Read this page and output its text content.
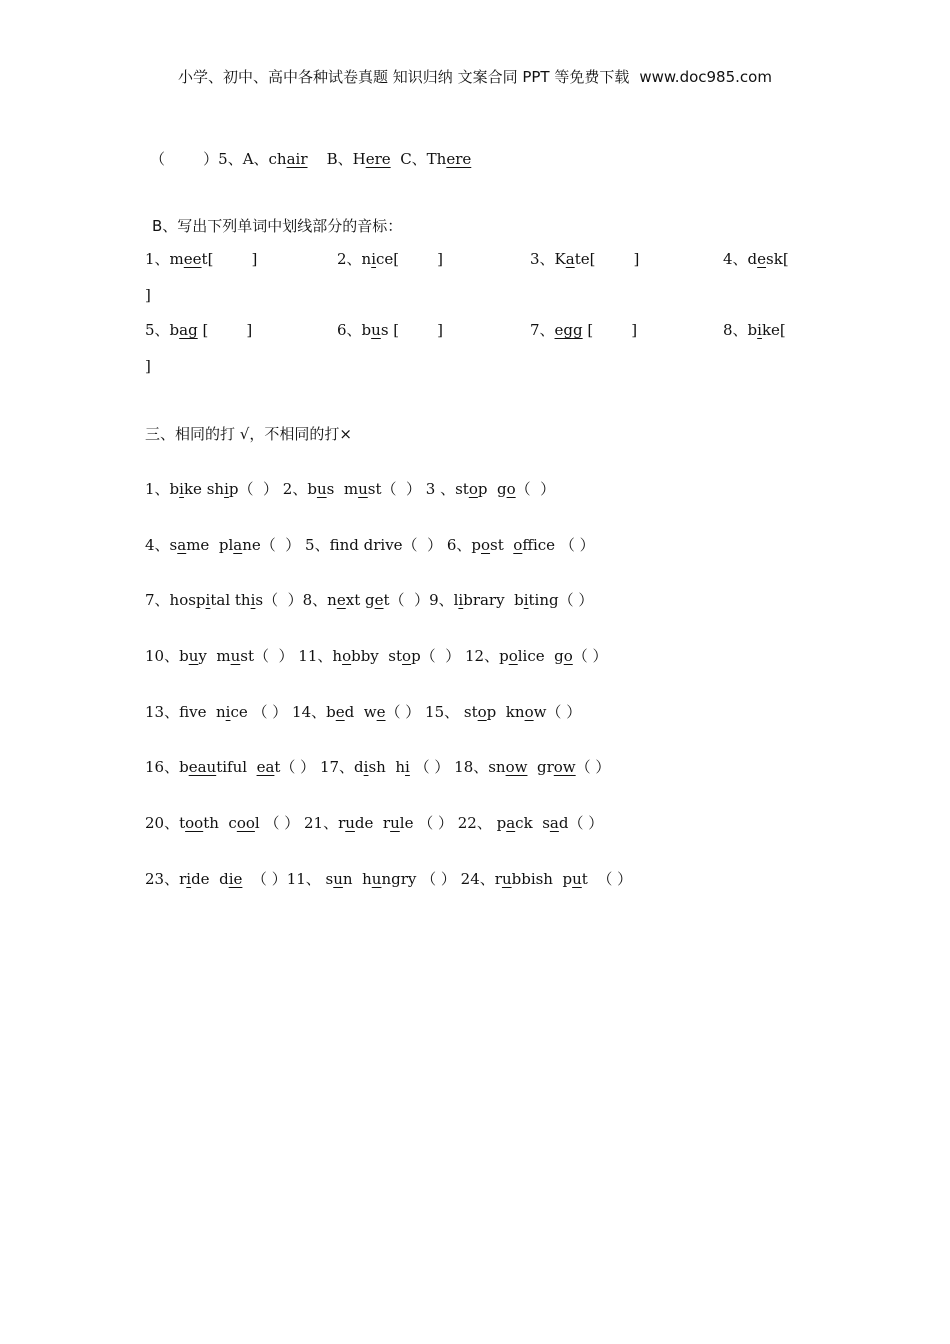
小学、初中、高中各种试卷真题 知识归纳 文案合同 PPT 等免费下载 www.doc985.com
（        ）5、A、chair B、Here C、There
B、写出下列单词中划线部分的音标：
1、meet[	]	2、nice[	]	3、Kate[	]	4、desk[
]
5、bag [	]	6、bus [	]	7、egg [	]	8、bike[
]
三、相同的打 √，不相同的打×
1、bike ship（  ） 2、bus  must（  ） 3 、stop  go（  ）
4、same  plane（  ） 5、fnd drive（  ） 6、post  office （ ）
7、hospital this（  ）8、next get（  ）9、library  biting（ ）
10、buy  must（  ） 11、hobby  stop（  ） 12、police  go（ ）
13、fve  nice （ ） 14、bed  we（ ） 15、 stop  know（ ）
16、beautiful  eat（ ） 17、dish  hi （ ） 18、snow  grow（ ）
20、tooth  cool （ ） 21、rude  rule （ ） 22、 pack  sad（ ）
23、ride  die  （ ）11、 sun  hungry （ ） 24、rubbish  put  （ ）
